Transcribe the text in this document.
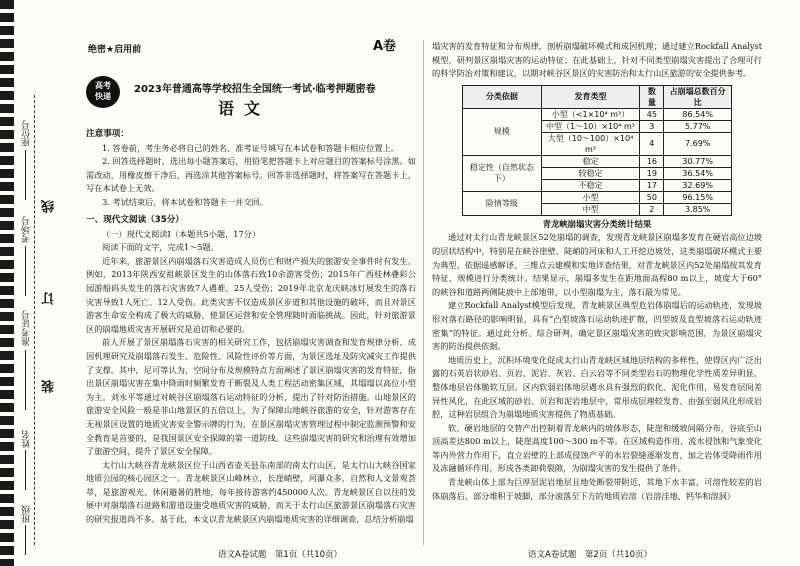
座位号
考场号
准考证号
姓名
班级
线
订
装
绝密★启用前	A卷
高考
快递
2023年普通高等学校招生全国统一考试·临考押题密卷
语文
注意事项：

1. 答卷前，考生务必将自己的姓名、准考证号填写在本试卷和答题卡相应位置上。

2. 回答选择题时，选出每小题答案后，用铅笔把答题卡上对应题目的答案标号涂黑。如需改动，用橡皮擦干净后，再选涂其他答案标号。回答非选择题时，将答案写在答题卡上，写在本试卷上无效。

3. 考试结束后，将本试卷和答题卡一并交回。

一、现代文阅读（35分）

（一）现代文阅读Ⅰ（本题共5小题，17分）

阅读下面的文字，完成1～5题。

近年来，旅游景区内崩塌落石灾害造成人员伤亡和财产损失的旅游安全事件时有发生。例如，2013年陕西安祖峡景区发生的山体落石致10余游客受伤；2015年广西桂林叠彩公园游船码头发生的落石灾害致7人遇难、25人受伤；2019年北京龙庆峡冰灯展发生的落石灾害导致1人死亡、12人受伤。此类灾害不仅造成景区步道和其他设施的破坏，而且对景区游客生命安全构成了极大的威胁，使景区运营和安全管理随时面临挑战。因此，针对旅游景区的崩塌地质灾害开展研究是迫切和必要的。

前人开展了景区崩塌落石灾害的相关研究工作，包括崩塌灾害调查和发育规律分析、成因机理研究及崩塌落石发生、危险性、风险性评价等方面，为景区选址及防灾减灾工作提供了支撑。其中，尼可等认为，空间分布及规模特点方面阐述了景区崩塌灾害的发育特征，指出景区崩塌灾害在集中降雨时频繁发育于断裂及人类工程活动密集区域，其塌塌以高位小型为主。刘永平等通过对峡谷区崩塌落石运动特征的分析，提出了针对防治措施。山地景区的旅游安全风险一般是非山地景区的五倍以上，为了保障山地峡谷旅游的安全，针对游客存在无视景区设置的地质灾害安全警示牌的行为，在景区崩塌灾害管理过程中制定监测预警和安全教育是首要的，是我国景区安全保障的第一道防线。这些崩塌灾害的研究和治理有效增加了旅游空间，提升了景区安全保障。

太行山大峡谷青龙峡景区位于山西省壶关县东南部的南太行山区，是太行山大峡谷国家地质公园的核心园区之一。青龙峡景区山峰林立，长崖峭壁，河瀑众多，自然和人文景观荟萃，是旅游观光、休闲避暑的胜地，每年接待游客约450000人次。青龙峡景区自以往的发展中对崩塌落石进路和游道设施受地质灾害的威胁，而关于太行山区旅游景区崩塌落石灾害的研究报道尚不多。基于此，本文以青龙峡景区内崩塌地质灾害的详细调查，总结分析崩塌

语文A卷试题　第1页（共10页）

塌灾害的发育特征和分布规律，剖析崩塌破坏模式和成因机理；通过建立Rockfall Analyst模型，研判景区崩塌灾害的运动特征；在此基础上，针对不同类型崩塌灾害提出了合理可行的科学防治对策和建议，以期对峡谷区景区的灾害防治和太行山区旅游的安全提供参考。

分类依据	发育类型	数量	占崩塌总数百分比
规模	小型（<1×10⁴ m³）	45	86.54%
	中型（1～10）×10⁴ m³	3	5.77%
	大型（10～100）×10⁴ m³	4	7.69%
稳定性（自然状态下）	稳定	16	30.77%
	较稳定	19	36.54%
	不稳定	17	32.69%
险情等级	小型	50	96.15%
	中型	2	3.85%
青龙峡崩塌灾害分类统计结果

通过对太行山青龙峡景区52处崩塌的调查，发现青龙峡景区崩塌多发育在硬岩高位边坡的层状结构中，特别是在峡谷崖壁、陡峭的河床和人工开挖边坡处，这类崩塌破坏模式主要为典型。依据遥感解译、三维点云建模和实地详查结果，对青龙峡景区内52处崩塌按其发育特征、规模进行分类统计。结果显示，崩塌多发生在距地面高程80 m以上，坡度大于60°的峡谷和道路两侧陡坡中上部地带，以小型崩塌为主，落石最为常见。

建立Rockfall Analyst模型后发现，青龙峡景区典型危岩体崩塌后的运动轨迹，发现坡形对落石路径的影响明显，具有“凸型坡落石运动轨迹扩散，凹型坡及直型坡落石运动轨迹密集”的特征。通过此分析、综合研判，确定景区崩塌灾害的致灾影响范围，为景区崩塌灾害的防治提供依据。

地质历史上，沉积环境变化促成太行山青龙峡区域地层结构的多样性，使得区内广泛出露的石英岩状砂岩、页岩、泥岩、灰岩、白云岩等不同类型岩石的物理化学性质差异明显，整体地层岩体脆软互层。区内软弱岩体地层遇水具有强烈的软化、泥化作用，易发育层间差异性风化，在此区域的砂岩、页岩和泥岩地层中，常形成层理较发育、由强至弱风化形成岩腔，这种岩层组合为崩塌地质灾害提供了物质基础。

软、硬岩地层的交替产出控制着青龙峡内的坡体形态，陡崖和缓坡间隔分布，谷底至山顶高差达800 m以上，陡崖高度100～300 m不等。在区域构造作用、流水侵蚀和气象变化等内外营力作用下，直立岩壁的上部成侵蚀产平的水岩裂缝逐渐发育，加之岩体受降雨作用及冻融循环作用，形成各类卸荷裂隙，为崩塌灾害的发生提供了条件。

青龙峡山体上部为巨厚层泥岩地层且地处断裂带附近，其地下水丰富，可溶性较差的岩体崩落后，部分堆积于坡脚，部分滚落至下方的地质岩溶（岩溶洼地、钙华和溶洞）

语文A卷试题　第2页（共10页）
